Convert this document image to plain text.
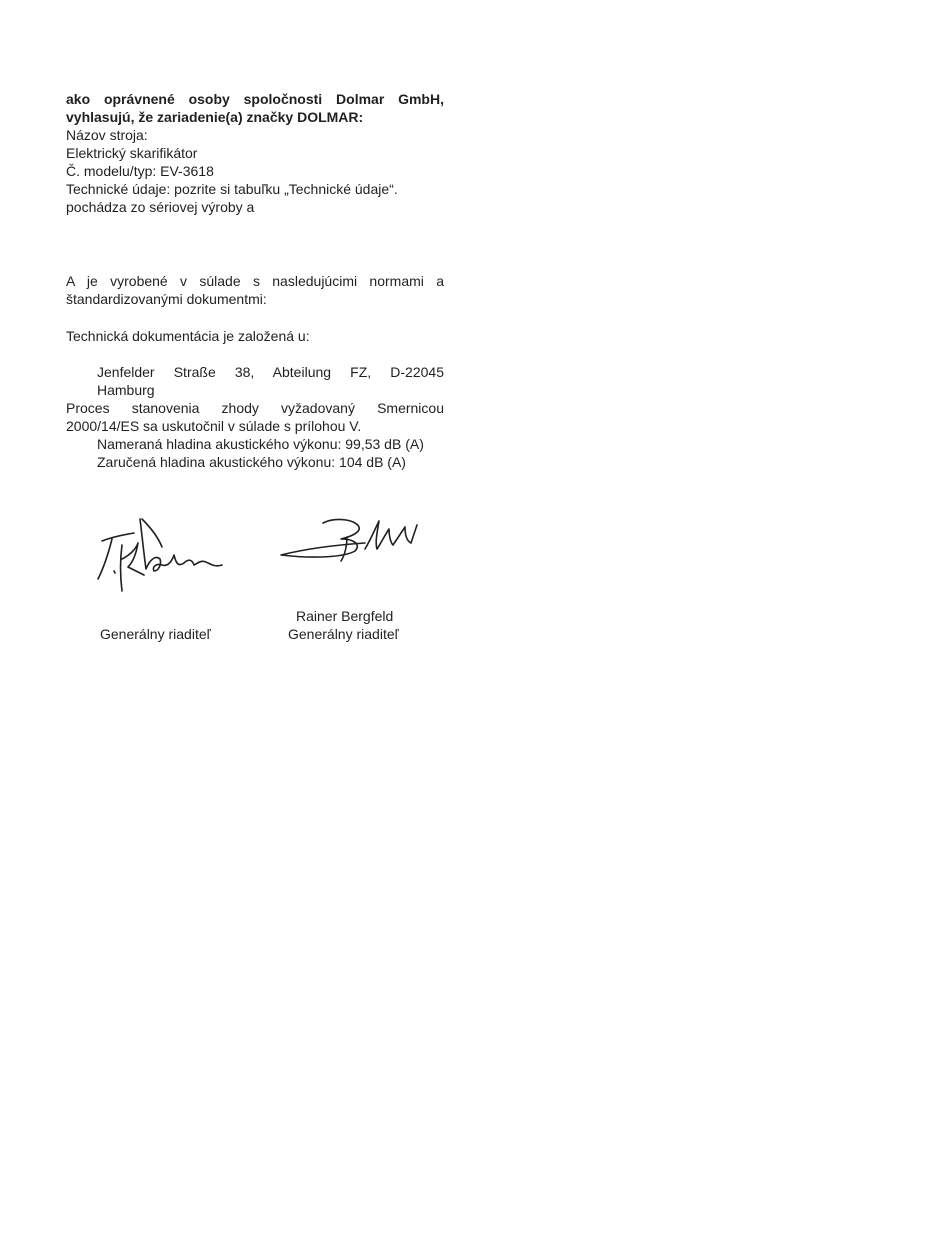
ako oprávnené osoby spoločnosti Dolmar GmbH,
vyhlasujú, že zariadenie(a) značky DOLMAR:
Názov stroja:
Elektrický skarifikátor
Č. modelu/typ: EV-3618
Technické údaje: pozrite si tabuľku „Technické údaje“.
pochádza zo sériovej výroby a
A je vyrobené v súlade s nasledujúcimi normami a
štandardizovanými dokumentmi:
Technická dokumentácia je založená u:
Jenfelder Straße 38, Abteilung FZ, D-22045
Hamburg
Proces stanovenia zhody vyžadovaný Smernicou
2000/14/ES sa uskutočnil v súlade s prílohou V.
Nameraná hladina akustického výkonu: 99,53 dB (A)
Zaručená hladina akustického výkonu: 104 dB (A)
Generálny riaditeľ
Rainer Bergfeld
Generálny riaditeľ
